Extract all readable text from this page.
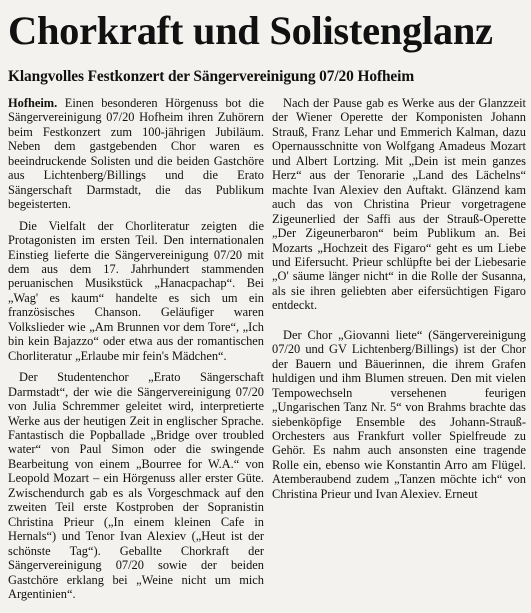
Chorkraft und Solistenglanz
Klangvolles Festkonzert der Sängervereinigung 07/20 Hofheim

Hofheim. Einen besonderen Hörgenuss bot die Sängervereinigung 07/20 Hofheim ihren Zuhörern beim Festkonzert zum 100-jährigen Jubiläum. Neben dem gastgebenden Chor waren es beeindruckende Solisten und die beiden Gastchöre aus Lichtenberg/Billings und die Erato Sängerschaft Darmstadt, die das Publikum begeisterten.

Die Vielfalt der Chorliteratur zeigten die Protagonisten im ersten Teil. Den internationalen Einstieg lieferte die Sängervereinigung 07/20 mit dem aus dem 17. Jahrhundert stammenden peruanischen Musikstück „Hanacpachap“. Bei „Wag' es kaum“ handelte es sich um ein französisches Chanson. Geläufiger waren Volkslieder wie „Am Brunnen vor dem Tore“, „Ich bin kein Bajazzo“ oder etwa aus der romantischen Chorliteratur „Erlaube mir fein's Mädchen“.

Der Studentenchor „Erato Sängerschaft Darmstadt“, der wie die Sängervereinigung 07/20 von Julia Schremmer geleitet wird, interpretierte Werke aus der heutigen Zeit in englischer Sprache. Fantastisch die Popballade „Bridge over troubled water“ von Paul Simon oder die swingende Bearbeitung von einem „Bourree for W.A.“ von Leopold Mozart – ein Hörgenuss aller erster Güte. Zwischendurch gab es als Vorgeschmack auf den zweiten Teil erste Kostproben der Sopranistin Christina Prieur („In einem kleinen Cafe in Hernals“) und Tenor Ivan Alexiev („Heut ist der schönste Tag“). Geballte Chorkraft der Sängervereinigung 07/20 sowie der beiden Gastchöre erklang bei „Weine nicht um mich Argentinien“.

Nach der Pause gab es Werke aus der Glanzzeit der Wiener Operette der Komponisten Johann Strauß, Franz Lehar und Emmerich Kalman, dazu Opernausschnitte von Wolfgang Amadeus Mozart und Albert Lortzing. Mit „Dein ist mein ganzes Herz“ aus der Tenorarie „Land des Lächelns“ machte Ivan Alexiev den Auftakt. Glänzend kam auch das von Christina Prieur vorgetragene Zigeunerlied der Saffi aus der Strauß-Operette „Der Zigeunerbaron“ beim Publikum an. Bei Mozarts „Hochzeit des Figaro“ geht es um Liebe und Eifersucht. Prieur schlüpfte bei der Liebesarie „O' säume länger nicht“ in die Rolle der Susanna, als sie ihren geliebten aber eifersüchtigen Figaro entdeckt.

Der Chor „Giovanni liete“ (Sängervereinigung 07/20 und GV Lichtenberg/Billings) ist der Chor der Bauern und Bäuerinnen, die ihrem Grafen huldigen und ihm Blumen streuen. Den mit vielen Tempowechseln versehenen feurigen „Ungarischen Tanz Nr. 5“ von Brahms brachte das siebenköpfige Ensemble des Johann-Strauß-Orchesters aus Frankfurt voller Spielfreude zu Gehör. Es nahm auch ansonsten eine tragende Rolle ein, ebenso wie Konstantin Arro am Flügel. Atemberaubend zudem „Tanzen möchte ich“ von Christina Prieur und Ivan Alexiev. Erneut
